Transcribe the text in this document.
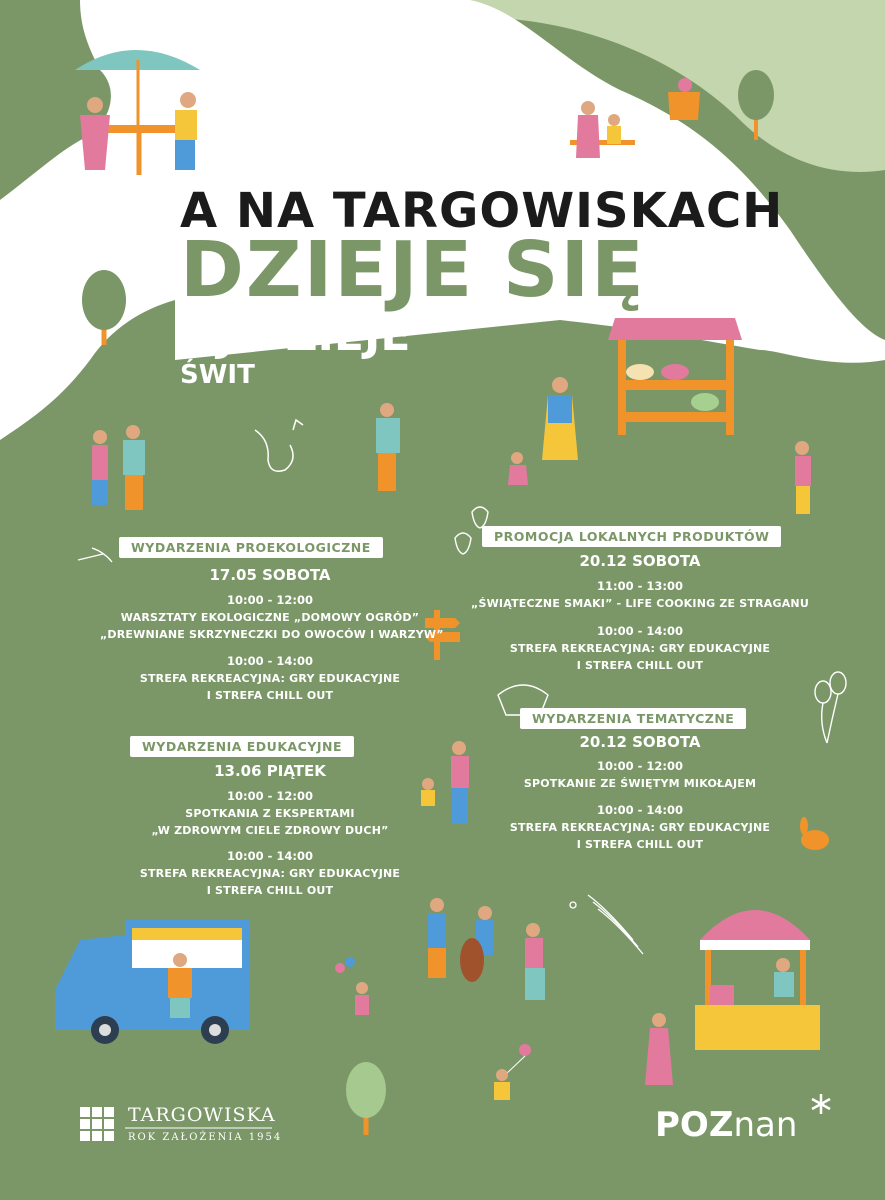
A NA TARGOWISKACH
DZIEJE SIĘ
OJ DZIEJE
ŚWIT
WYDARZENIA PROEKOLOGICZNE
17.05 SOBOTA
10:00 - 12:00
WARSZTATY EKOLOGICZNE „DOMOWY OGRÓD”
„DREWNIANE SKRZYNECZKI DO OWOCÓW I WARZYW”
10:00 - 14:00
STREFA REKREACYJNA: GRY EDUKACYJNE
I STREFA CHILL OUT
WYDARZENIA EDUKACYJNE
13.06 PIĄTEK
10:00 - 12:00
SPOTKANIA Z EKSPERTAMI
„W ZDROWYM CIELE ZDROWY DUCH”
10:00 - 14:00
STREFA REKREACYJNA: GRY EDUKACYJNE
I STREFA CHILL OUT
PROMOCJA LOKALNYCH PRODUKTÓW
20.12 SOBOTA
11:00 - 13:00
„ŚWIĄTECZNE SMAKI” - LIFE COOKING ZE STRAGANU
10:00 - 14:00
STREFA REKREACYJNA: GRY EDUKACYJNE
I STREFA CHILL OUT
WYDARZENIA TEMATYCZNE
20.12 SOBOTA
10:00 - 12:00
SPOTKANIE ZE ŚWIĘTYM MIKOŁAJEM
10:00 - 14:00
STREFA REKREACYJNA: GRY EDUKACYJNE
I STREFA CHILL OUT
TARGOWISKA
ROK ZAŁOŻENIA 1954	POZnan
